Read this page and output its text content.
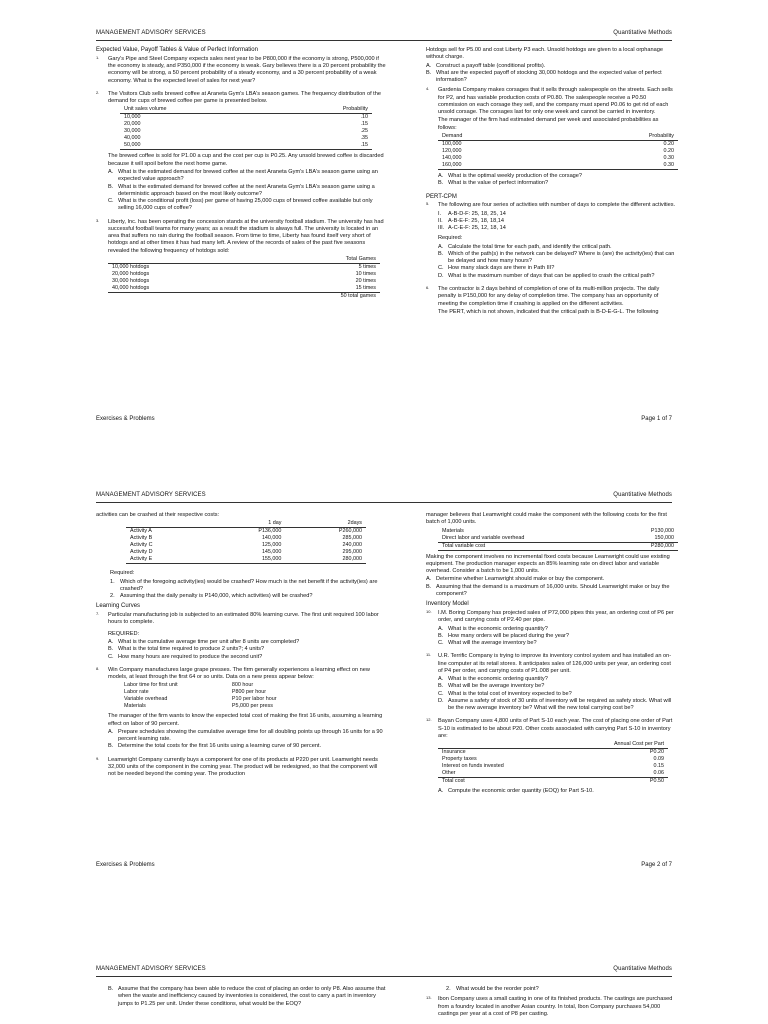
MANAGEMENT ADVISORY SERVICES	Quantitative Methods
Expected Value, Payoff Tables & Value of Perfect Information
1. Gary's Pipe and Steel Company expects sales next year to be P800,000 if the economy is strong, P500,000 if the economy is steady, and P350,000 if the economy is weak. Gary believes there is a 20 percent probability the economy will be strong, a 50 percent probability of a steady economy, and a 30 percent probability of a weak economy. What is the expected level of sales for next year?

2. The Visitors Club sells brewed coffee at Araneta Gym's LBA's season games. The frequency distribution of the demand for cups of brewed coffee per game is presented below.

Unit sales volume	Probability
10,000	.10
20,000	.15
30,000	.25
40,000	.35
50,000	.15

The brewed coffee is sold for P1.00 a cup and the cost per cup is P0.25. Any unsold brewed coffee is discarded because it will spoil before the next home game.

A. What is the estimated demand for brewed coffee at the next Araneta Gym's LBA's season game using an expected value approach?
B. What is the estimated demand for brewed coffee at the next Araneta Gym's LBA's season game using a deterministic approach based on the most likely outcome?
C. What is the conditional profit (loss) per game of having 25,000 cups of brewed coffee available but only selling 16,000 cups of coffee?
3. Liberty, Inc. has been operating the concession stands at the university football stadium. The university has had successful football teams for many years; as a result the stadium is always full. The university is located in an area that suffers no rain during the football season. From time to time, Liberty has found itself very short of hotdogs and at other times it has had many left. A review of the records of sales of the past five seasons revealed the following frequency of hotdogs sold:

	Total Games
10,000 hotdogs	5 times
20,000 hotdogs	10 times
30,000 hotdogs	20 times
40,000 hotdogs	15 times
	50 total games

Hotdogs sell for P5.00 and cost Liberty P3 each. Unsold hotdogs are given to a local orphanage without charge.

A. Construct a payoff table (conditional profits).
B. What are the expected payoff of stocking 30,000 hotdogs and the expected value of perfect information?
4. Gardenia Company makes corsages that it sells through salespeople on the streets. Each sells for P2, and has variable production costs of P0.80. The salespeople receive a P0.50 commission on each corsage they sell, and the company must spend P0.06 to get rid of each unsold corsage. The corsages last for only one week and cannot be carried in inventory.

The manager of the firm had estimated demand per week and associated probabilities as follows:

Demand	Probability
100,000	0.20
120,000	0.20
140,000	0.30
160,000	0.30
A. What is the optimal weekly production of the corsage?
B. What is the value of perfect information?
PERT-CPM
5. The following are four series of activities with number of days to complete the different activities.

I. A-B-D-F: 25, 18, 25, 14
II. A-B-E-F: 25, 18, 18,14
III. A-C-E-F: 25, 12, 18, 14

Required:

A. Calculate the total time for each path, and identify the critical path.
B. Which of the path(s) in the network can be delayed? Where is (are) the activity(ies) that can be delayed and how many hours?
C. How many slack days are there in Path III?
D. What is the maximum number of days that can be applied to crash the critical path?
6. The contractor is 2 days behind of completion of one of its multi-million projects. The daily penalty is P150,000 for any delay of completion time. The company has an opportunity of meeting the completion time if crashing is applied on the different activities.

The PERT, which is not shown, indicated that the critical path is B-D-E-G-L. The following

Exercises & Problems	Page 1 of 7
MANAGEMENT ADVISORY SERVICES	Quantitative Methods

activities can be crashed at their respective costs:

	1 day	2days
Activity A	P136,000	P260,000
Activity B	140,000	285,000
Activity C	125,000	240,000
Activity D	145,000	295,000
Activity E	155,000	280,000

Required:

1. Which of the foregoing activity(ies) would be crashed? How much is the net benefit if the activity(ies) are crashed?
2. Assuming that the daily penalty is P140,000, which activities) will be crashed?
Learning Curves
7. Particular manufacturing job is subjected to an estimated 80% learning curve. The first unit required 100 labor hours to complete.

REQUIRED:

A. What is the cumulative average time per unit after 8 units are completed?
B. What is the total time required to produce 2 units?; 4 units?
C. How many hours are required to produce the second unit?
8. Win Company manufactures large grape presses. The firm generally experiences a learning effect on new models, at least through the first 64 or so units. Data on a new press appear below:

Labor time for first unit	800 hour
Labor rate	P800 per hour
Variable overhead	P10 per labor hour
Materials	P5,000 per press

The manager of the firm wants to know the expected total cost of making the first 16 units, assuming a learning effect on labor of 90 percent.

A. Prepare schedules showing the cumulative average time for all doubling points up through 16 units for a 90 percent learning rate.
B. Determine the total costs for the first 16 units using a learning curve of 90 percent.
9. Leamwright Company currently buys a component for one of its products at P220 per unit. Leamwright needs 32,000 units of the component in the coming year. The product will be redesigned, so that the component will not be needed beyond the coming year. The production

manager believes that Leamwright could make the component with the following costs for the first batch of 1,000 units.

Materials	P130,000
Direct labor and variable overhead	150,000
Total variable cost	P280,000

Making the component involves no incremental fixed costs because Leamwright could use existing equipment. The production manager expects an 85% learning rate on direct labor and variable overhead. Consider a batch to be 1,000 units.

A. Determine whether Leamwright should make or buy the component.
B. Assuming that the demand is a maximum of 16,000 units. Should Leamwright make or buy the component?
Inventory Model
10. I.M. Boring Company has projected sales of P72,000 pipes this year, an ordering cost of P6 per order, and carrying costs of P2.40 per pipe.

A. What is the economic ordering quantity?
B. How many orders will be placed during the year?
C. What will the average inventory be?
11. U.R. Terrific Company is trying to improve its inventory control system and has installed an on-line computer at its retail stores. It anticipates sales of 126,000 units per year, an ordering cost of P4 per order, and carrying costs of P1.008 per unit.

A. What is the economic ordering quantity?
B. What will be the average inventory be?
C. What is the total cost of inventory expected to be?
D. Assume a safety of stock of 30 units of inventory will be required as safety stock. What will be the new average inventory be? What will the new total carrying cost be?
12. Bayan Company uses 4,800 units of Part S-10 each year. The cost of placing one order of Part S-10 is estimated to be about P20. Other costs associated with carrying Part S-10 in inventory are:

	Annual Cost per Part
Insurance	P0.20
Property taxes	0.09
Interest on funds invested	0.15
Other	0.06
Total cost	P0.50
A. Compute the economic order quantity (EOQ) for Part S-10.
Exercises & Problems	Page 2 of 7
MANAGEMENT ADVISORY SERVICES	Quantitative Methods
B. Assume that the company has been able to reduce the cost of placing an order to only P8. Also assume that when the waste and inefficiency caused by inventories is considered, the cost to carry a part in inventory jumps to P1.25 per unit. Under these conditions, what would be the EOQ?
2. What would be the reorder point?
13. Ibon Company uses a small casting in one of its finished products. The castings are purchased from a foundry located in another Asian country. In total, Ibon Company purchases 54,000 castings per year at a cost of P8 per casting.
